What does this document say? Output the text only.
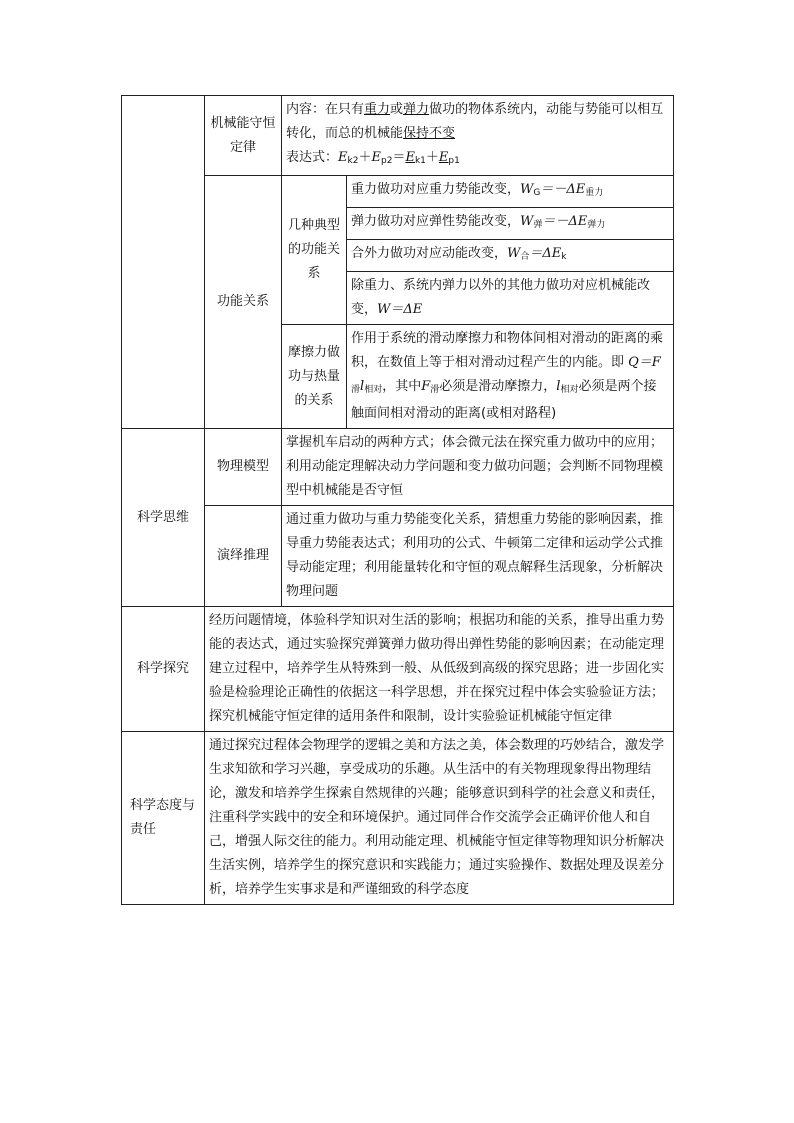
	机械能守恒定律	内容：在只有重力或弹力做功的物体系统内，动能与势能可以相互转化，而总的机械能保持不变
表达式：$E_{k2}+E_{p2}=E_{k1}+E_{p1}$
	功能关系	几种典型的功能关系	重力做功对应重力势能改变，$W_G=-\Delta E_{重力}$
			弹力做功对应弹性势能改变，$W_弹=-\Delta E_{弹力}$
			合外力做功对应动能改变，$W_合=\Delta E_k$
			除重力、系统内弹力以外的其他力做功对应机械能改变，W＝ΔE
		摩擦力做功与热量的关系	作用于系统的滑动摩擦力和物体间相对滑动的距离的乘积，在数值上等于相对滑动过程产生的内能。即 $Q=F_滑l_{相对}$，其中$F_滑$必须是滑动摩擦力，$l_{相对}$必须是两个接触面间相对滑动的距离(或相对路程)

科学思维	物理模型	掌握机车启动的两种方式；体会微元法在探究重力做功中的应用；利用动能定理解决动力学问题和变力做功问题；会判断不同物理模型中机械能是否守恒	
	演绎推理	通过重力做功与重力势能变化关系，猜想重力势能的影响因素，推导重力势能表达式；利用功的公式、牛顿第二定律和运动学公式推导动能定理；利用能量转化和守恒的观点解释生活现象，分析解决物理问题	
科学探究	经历问题情境，体验科学知识对生活的影响；根据功和能的关系，推导出重力势能的表达式，通过实验探究弹簧弹力做功得出弹性势能的影响因素；在动能定理建立过程中，培养学生从特殊到一般、从低级到高级的探究思路；进一步固化实验是检验理论正确性的依据这一科学思想，并在探究过程中体会实验验证方法；探究机械能守恒定律的适用条件和限制，设计实验验证机械能守恒定律		
科学态度与责任	通过探究过程体会物理学的逻辑之美和方法之美，体会数理的巧妙结合，激发学生求知欲和学习兴趣，享受成功的乐趣。从生活中的有关物理现象得出物理结论，激发和培养学生探索自然规律的兴趣；能够意识到科学的社会意义和责任，注重科学实践中的安全和环境保护。通过同伴合作交流学会正确评价他人和自己，增强人际交往的能力。利用动能定理、机械能守恒定律等物理知识分析解决生活实例，培养学生的探究意识和实践能力；通过实验操作、数据处理及误差分析，培养学生实事求是和严谨细致的科学态度		
